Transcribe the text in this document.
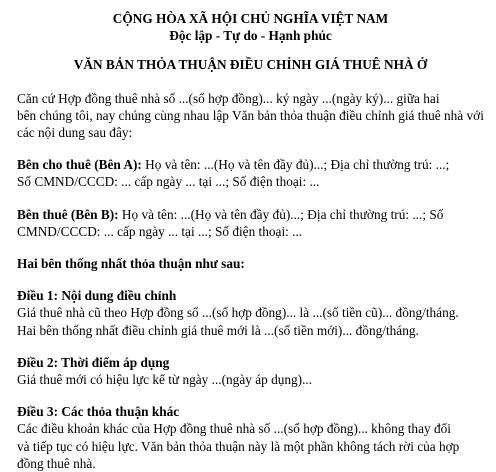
CỘNG HÒA XÃ HỘI CHỦ NGHĨA VIỆT NAM
Độc lập - Tự do - Hạnh phúc
VĂN BẢN THỎA THUẬN ĐIỀU CHỈNH GIÁ THUÊ NHÀ Ở
Căn cứ Hợp đồng thuê nhà số ...(số hợp đồng)... ký ngày ...(ngày ký)... giữa hai
bên chúng tôi, nay chúng cùng nhau lập Văn bản thỏa thuận điều chỉnh giá thuê nhà với
các nội dung sau đây:
Bên cho thuê (Bên A): Họ và tên: ...(Họ và tên đầy đủ)...; Địa chỉ thường trú: ...;
Số CMND/CCCD: ... cấp ngày ... tại ...; Số điện thoại: ...
Bên thuê (Bên B): Họ và tên: ...(Họ và tên đầy đủ)...; Địa chỉ thường trú: ...; Số
CMND/CCCD: ... cấp ngày ... tại ...; Số điện thoại: ...
Hai bên thống nhất thỏa thuận như sau:
Điều 1: Nội dung điều chỉnh
Giá thuê nhà cũ theo Hợp đồng số ...(số hợp đồng)... là ...(số tiền cũ)... đồng/tháng.
Hai bên thống nhất điều chỉnh giá thuê mới là ...(số tiền mới)... đồng/tháng.
Điều 2: Thời điểm áp dụng
Giá thuê mới có hiệu lực kể từ ngày ...(ngày áp dụng)...
Điều 3: Các thỏa thuận khác
Các điều khoản khác của Hợp đồng thuê nhà số ...(số hợp đồng)... không thay đổi
và tiếp tục có hiệu lực. Văn bản thỏa thuận này là một phần không tách rời của hợp
đồng thuê nhà.
